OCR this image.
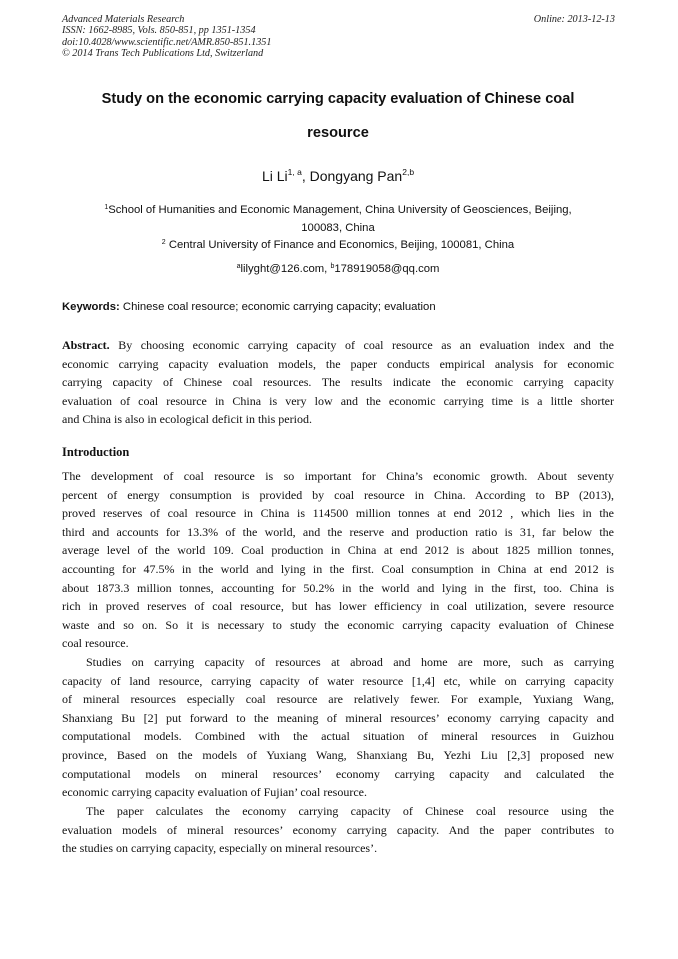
Advanced Materials Research
ISSN: 1662-8985, Vols. 850-851, pp 1351-1354
doi:10.4028/www.scientific.net/AMR.850-851.1351
© 2014 Trans Tech Publications Ltd, Switzerland
Online: 2013-12-13
Study on the economic carrying capacity evaluation of Chinese coal
resource
Li Li$^{1, a}$, Dongyang Pan$^{2,b}$
$^1$School of Humanities and Economic Management, China University of Geosciences, Beijing,
100083, China
$^2$ Central University of Finance and Economics, Beijing, 100081, China
$^a$lilyght@126.com, $^b$178919058@qq.com
Keywords: Chinese coal resource; economic carrying capacity; evaluation
Abstract. By choosing economic carrying capacity of coal resource as an evaluation index and the
economic carrying capacity evaluation models, the paper conducts empirical analysis for economic
carrying capacity of Chinese coal resources. The results indicate the economic carrying capacity
evaluation of coal resource in China is very low and the economic carrying time is a little shorter
and China is also in ecological deficit in this period.
Introduction
The development of coal resource is so important for China’s economic growth. About seventy
percent of energy consumption is provided by coal resource in China. According to BP (2013),
proved reserves of coal resource in China is 114500 million tonnes at end 2012 , which lies in the
third and accounts for 13.3% of the world, and the reserve and production ratio is 31, far below the
average level of the world 109. Coal production in China at end 2012 is about 1825 million tonnes,
accounting for 47.5% in the world and lying in the first. Coal consumption in China at end 2012 is
about 1873.3 million tonnes, accounting for 50.2% in the world and lying in the first, too. China is
rich in proved reserves of coal resource, but has lower efficiency in coal utilization, severe resource
waste and so on. So it is necessary to study the economic carrying capacity evaluation of Chinese
coal resource.
Studies on carrying capacity of resources at abroad and home are more, such as carrying
capacity of land resource, carrying capacity of water resource [1,4] etc, while on carrying capacity
of mineral resources especially coal resource are relatively fewer. For example, Yuxiang Wang,
Shanxiang Bu [2] put forward to the meaning of mineral resources’ economy carrying capacity and
computational models. Combined with the actual situation of mineral resources in Guizhou
province, Based on the models of Yuxiang Wang, Shanxiang Bu, Yezhi Liu [2,3] proposed new
computational models on mineral resources’ economy carrying capacity and calculated the
economic carrying capacity evaluation of Fujian’ coal resource.
The paper calculates the economy carrying capacity of Chinese coal resource using the
evaluation models of mineral resources’ economy carrying capacity. And the paper contributes to
the studies on carrying capacity, especially on mineral resources’.
